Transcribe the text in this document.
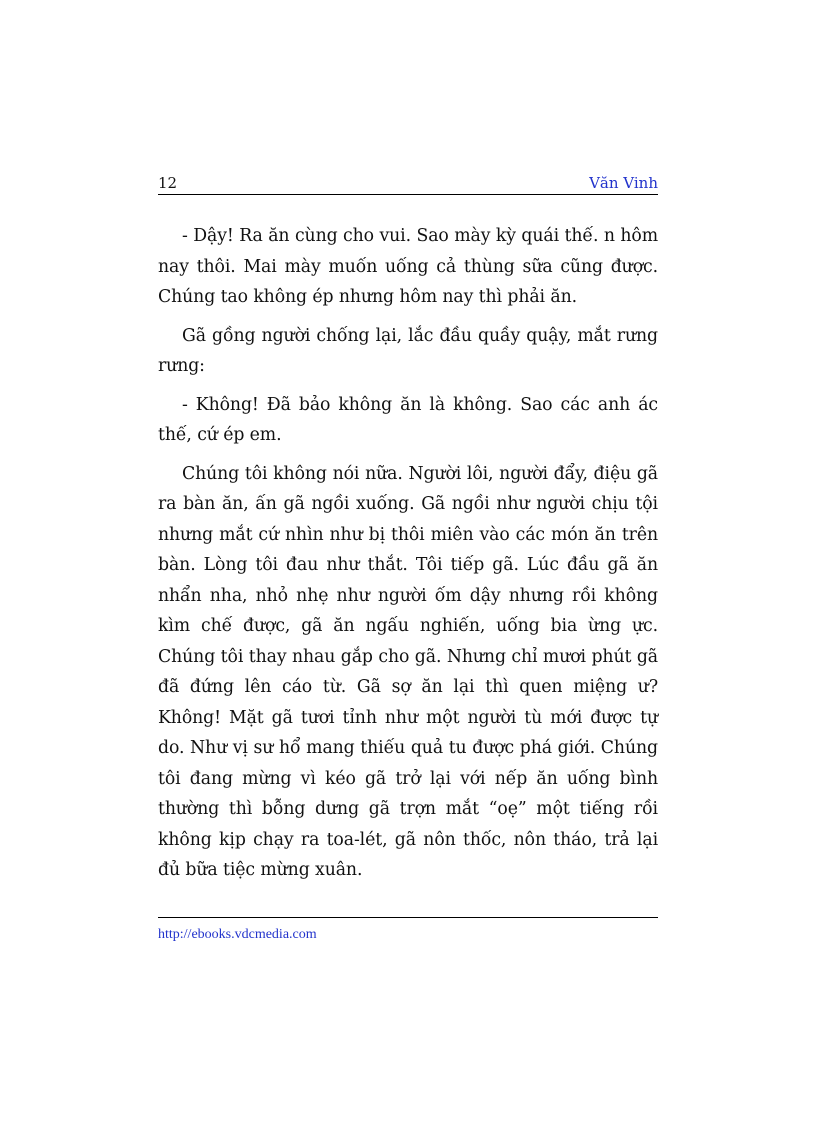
12	Văn Vinh

- Dậy! Ra ăn cùng cho vui. Sao mày kỳ quái thế. n hôm nay thôi. Mai mày muốn uống cả thùng sữa cũng được. Chúng tao không ép nhưng hôm nay thì phải ăn.

Gã gồng người chống lại, lắc đầu quầy quậy, mắt rưng rưng:

- Không! Đã bảo không ăn là không. Sao các anh ác thế, cứ ép em.

Chúng tôi không nói nữa. Người lôi, người đẩy, điệu gã ra bàn ăn, ấn gã ngồi xuống. Gã ngồi như người chịu tội nhưng mắt cứ nhìn như bị thôi miên vào các món ăn trên bàn. Lòng tôi đau như thắt. Tôi tiếp gã. Lúc đầu gã ăn nhẩn nha, nhỏ nhẹ như người ốm dậy nhưng rồi không kìm chế được, gã ăn ngấu nghiến, uống bia ừng ực. Chúng tôi thay nhau gắp cho gã. Nhưng chỉ mươi phút gã đã đứng lên cáo từ. Gã sợ ăn lại thì quen miệng ư? Không! Mặt gã tươi tỉnh như một người tù mới được tự do. Như vị sư hổ mang thiếu quả tu được phá giới. Chúng tôi đang mừng vì kéo gã trở lại với nếp ăn uống bình thường thì bỗng dưng gã trợn mắt “oẹ” một tiếng rồi không kịp chạy ra toa-lét, gã nôn thốc, nôn tháo, trả lại đủ bữa tiệc mừng xuân.

http://ebooks.vdcmedia.com
